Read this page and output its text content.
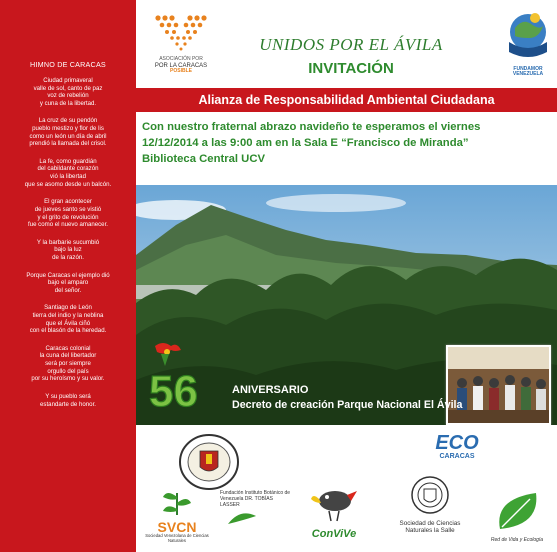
HIMNO DE CARACAS
Ciudad primaveral
valle de sol, canto de paz
voz de rebelión
y cuna de la libertad.
La cruz de su pendón
pueblo mestizo y flor de lis
como un león un día de abril
prendió la llamada del crisol.
La fe, como guardián
del cabildante corazón
vió la libertad
que se asomo desde un balcón.
El gran acontecer
de jueves santo se vistió
y el grito de revolución
fue como el nuevo amanecer.
Y la barbarie sucumbió
bajo la luz
de la razón.
Porque Caracas el ejemplo dió
bajo el amparo
del señor.
Santiago de León
tierra del indio y la neblina
que el Ávila ciñó
con el blasón de la heredad.
Caracas colonial
la cuna del libertador
será por siempre
orgullo del país
por su heroísmo y su valor.
Y su pueblo será
estandarte de honor.
ASOCIACIÓN POR
POR LA CARACAS
POSIBLE
UNIDOS POR EL ÁVILA
INVITACIÓN	FUNDAMOR VENEZUELA
Alianza de Responsabilidad Ambiental Ciudadana
Con nuestro fraternal abrazo navideño te esperamos el viernes 12/12/2014 a las 9:00 am en la Sala E “Francisco de Miranda” Biblioteca Central UCV
56	ANIVERSARIO
Decreto de creación Parque Nacional El Ávila
ECO
CARACAS
SVCN
Sociedad Venezolana de Ciencias Naturales
Fundación Instituto Botánico de Venezuela DR. TOBÍAS LASSER
ConViVe
Sociedad de Ciencias Naturales la Salle
Red de Vida y Ecología
